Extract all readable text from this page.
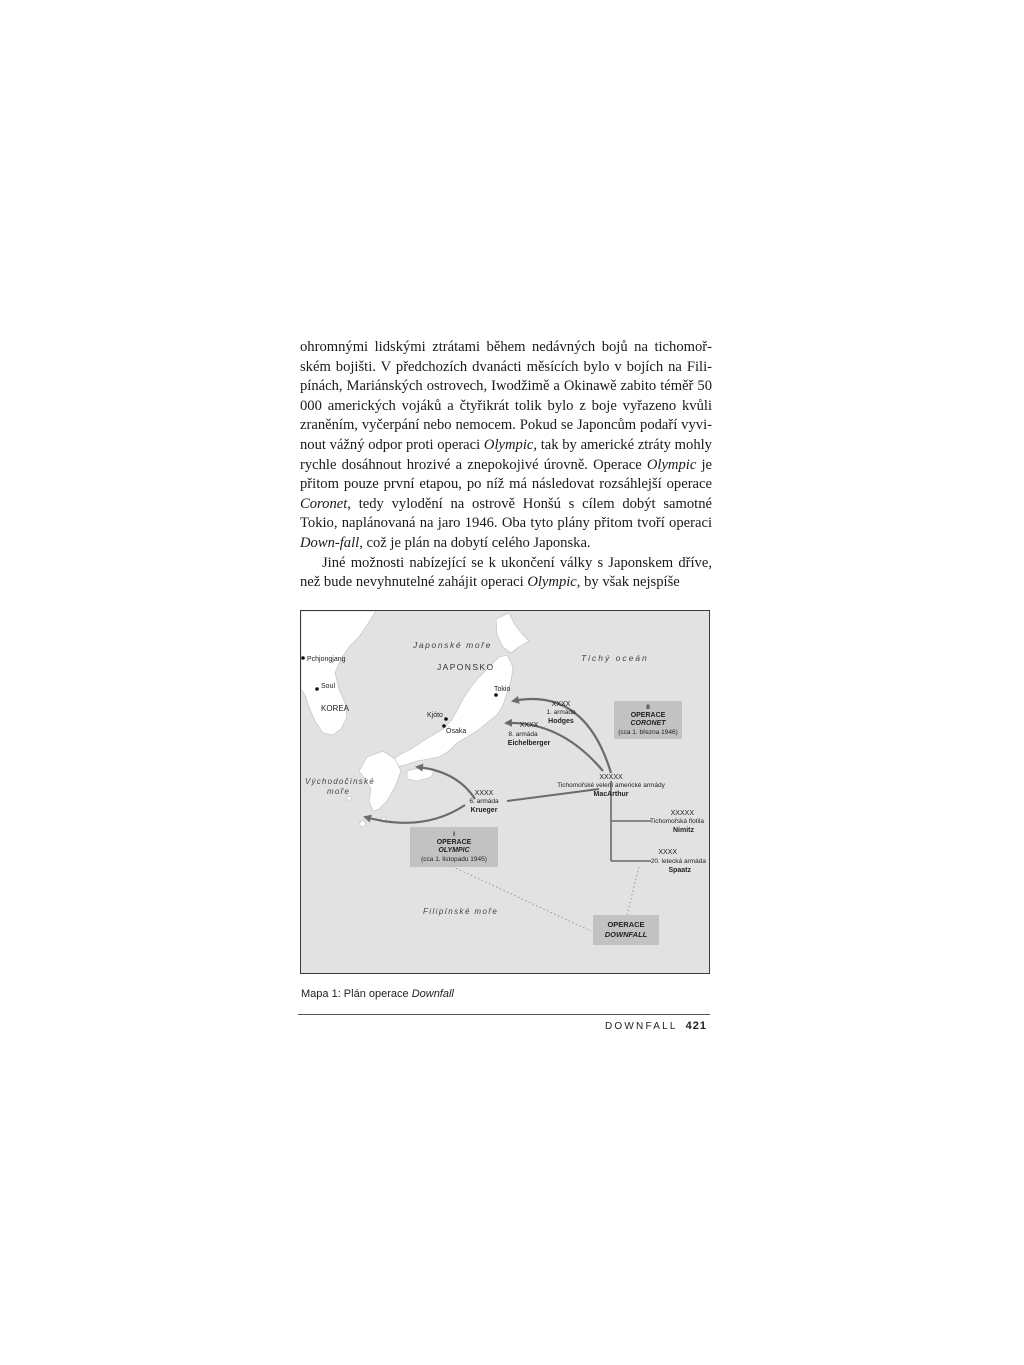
ohromnými lidskými ztrátami během nedávných bojů na tichomoř-ském bojišti. V předchozích dvanácti měsících bylo v bojích na Fili-pínách, Mariánských ostrovech, Iwodžimě a Okinawě zabito téměř 50 000 amerických vojáků a čtyřikrát tolik bylo z boje vyřazeno kvůli zraněním, vyčerpání nebo nemocem. Pokud se Japoncům podaří vyvi-nout vážný odpor proti operaci Olympic, tak by americké ztráty mohly rychle dosáhnout hrozivé a znepokojivé úrovně. Operace Olympic je přitom pouze první etapou, po níž má následovat rozsáhlejší operace Coronet, tedy vylodění na ostrově Honšú s cílem dobýt samotné Tokio, naplánovaná na jaro 1946. Oba tyto plány přitom tvoří operaci Down-fall, což je plán na dobytí celého Japonska.

Jiné možnosti nabízející se k ukončení války s Japonskem dříve, než bude nevyhnutelné zahájit operaci Olympic, by však nejspíše

Japonské moře
Tichý oceán
Východočínské
moře
Filipínské moře
JAPONSKO
KOREA
Pchjongjang
Soul
Kjóto
Ósaka
Tokio
XXXX
1. armáda
Hodges
XXXX
8. armáda
Eichelberger
XXXX
6. armáda
Krueger
XXXXX
Tichomořské velení americké armády
MacArthur
XXXXX
Tichomořská flotila
Nimitz
XXXX
20. letecká armáda
Spaatz
II
OPERACE
CORONET
(cca 1. března 1946)
I
OPERACE
OLYMPIC
(cca 1. listopadu 1945)
OPERACE
DOWNFALL
Mapa 1: Plán operace Downfall
DOWNFALL 421
